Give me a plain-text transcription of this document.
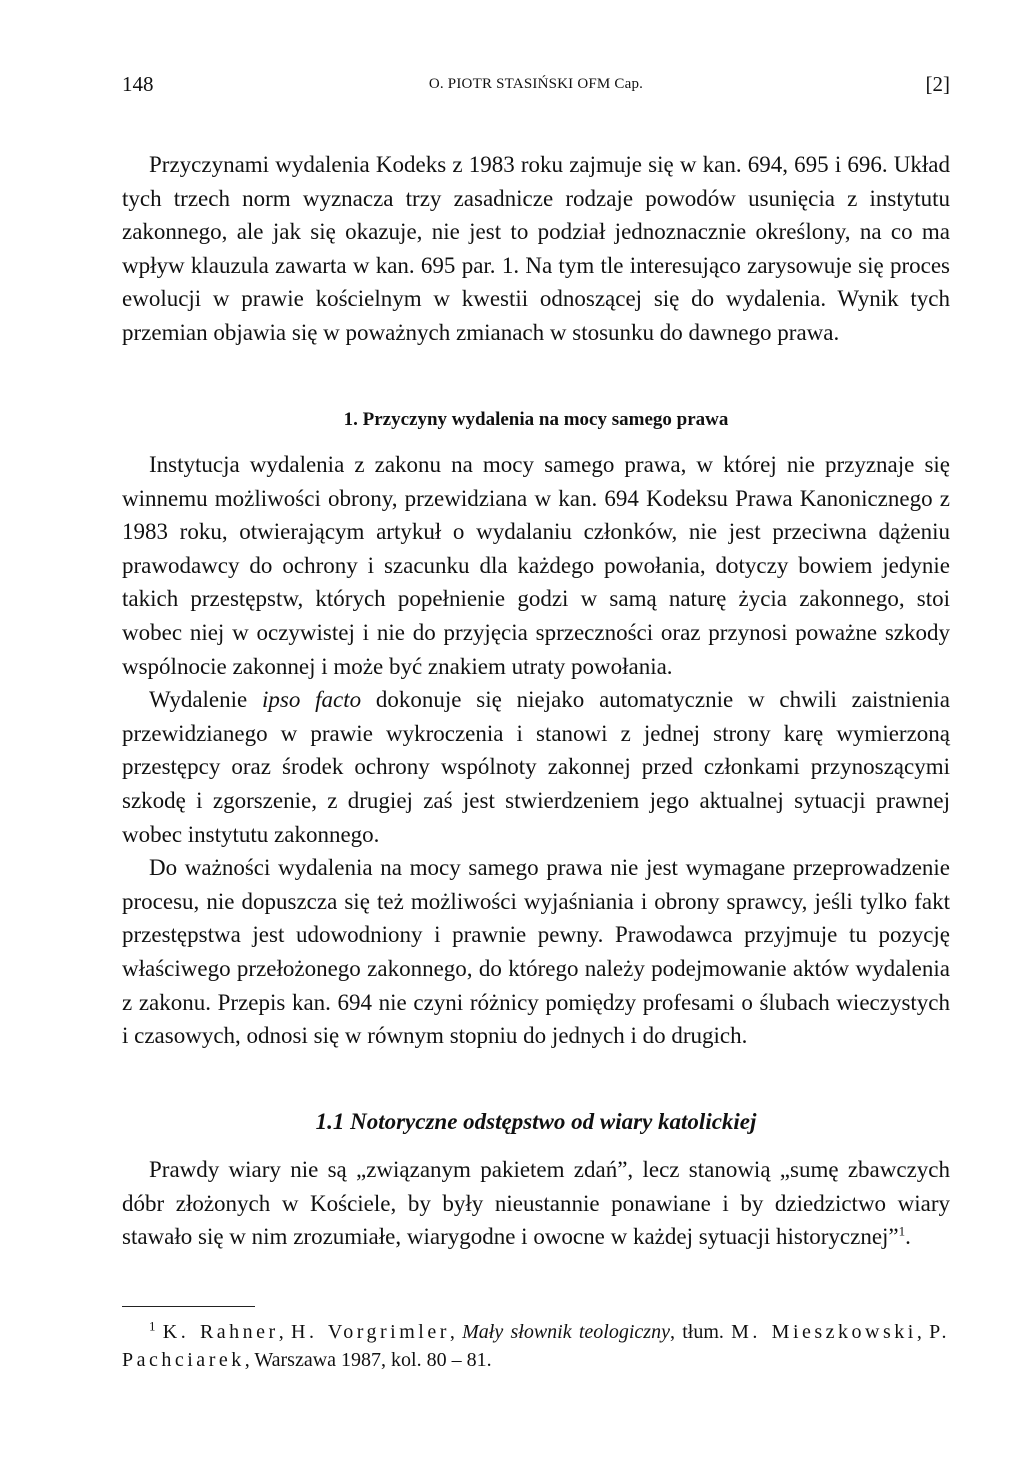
148	O. PIOTR STASIŃSKI OFM Cap.	[2]

Przyczynami wydalenia Kodeks z 1983 roku zajmuje się w kan. 694, 695 i 696. Układ tych trzech norm wyznacza trzy zasadnicze rodzaje powodów usunięcia z instytutu zakonnego, ale jak się okazuje, nie jest to podział jednoznacznie określony, na co ma wpływ klauzula zawarta w kan. 695 par. 1. Na tym tle interesująco zarysowuje się proces ewolucji w prawie kościelnym w kwestii odnoszącej się do wydalenia. Wynik tych przemian objawia się w poważnych zmianach w stosunku do dawnego prawa.

1. Przyczyny wydalenia na mocy samego prawa

Instytucja wydalenia z zakonu na mocy samego prawa, w której nie przyznaje się winnemu możliwości obrony, przewidziana w kan. 694 Kodeksu Prawa Kanonicznego z 1983 roku, otwierającym artykuł o wydalaniu członków, nie jest przeciwna dążeniu prawodawcy do ochrony i szacunku dla każdego powołania, dotyczy bowiem jedynie takich przestępstw, których popełnienie godzi w samą naturę życia zakonnego, stoi wobec niej w oczywistej i nie do przyjęcia sprzeczności oraz przynosi poważne szkody wspólnocie zakonnej i może być znakiem utraty powołania.

Wydalenie ipso facto dokonuje się niejako automatycznie w chwili zaistnienia przewidzianego w prawie wykroczenia i stanowi z jednej strony karę wymierzoną przestępcy oraz środek ochrony wspólnoty zakonnej przed członkami przynoszącymi szkodę i zgorszenie, z drugiej zaś jest stwierdzeniem jego aktualnej sytuacji prawnej wobec instytutu zakonnego.

Do ważności wydalenia na mocy samego prawa nie jest wymagane przeprowadzenie procesu, nie dopuszcza się też możliwości wyjaśniania i obrony sprawcy, jeśli tylko fakt przestępstwa jest udowodniony i prawnie pewny. Prawodawca przyjmuje tu pozycję właściwego przełożonego zakonnego, do którego należy podejmowanie aktów wydalenia z zakonu. Przepis kan. 694 nie czyni różnicy pomiędzy profesami o ślubach wieczystych i czasowych, odnosi się w równym stopniu do jednych i do drugich.

1.1 Notoryczne odstępstwo od wiary katolickiej

Prawdy wiary nie są „związanym pakietem zdań”, lecz stanowią „sumę zbawczych dóbr złożonych w Kościele, by były nieustannie ponawiane i by dziedzictwo wiary stawało się w nim zrozumiałe, wiarygodne i owocne w każdej sytuacji historycznej”$^1$.

$^1$ K. Rahner, H. Vorgrimler, Mały słownik teologiczny, tłum. M. Mieszkowski, P. Pachciarek, Warszawa 1987, kol. 80 – 81.
